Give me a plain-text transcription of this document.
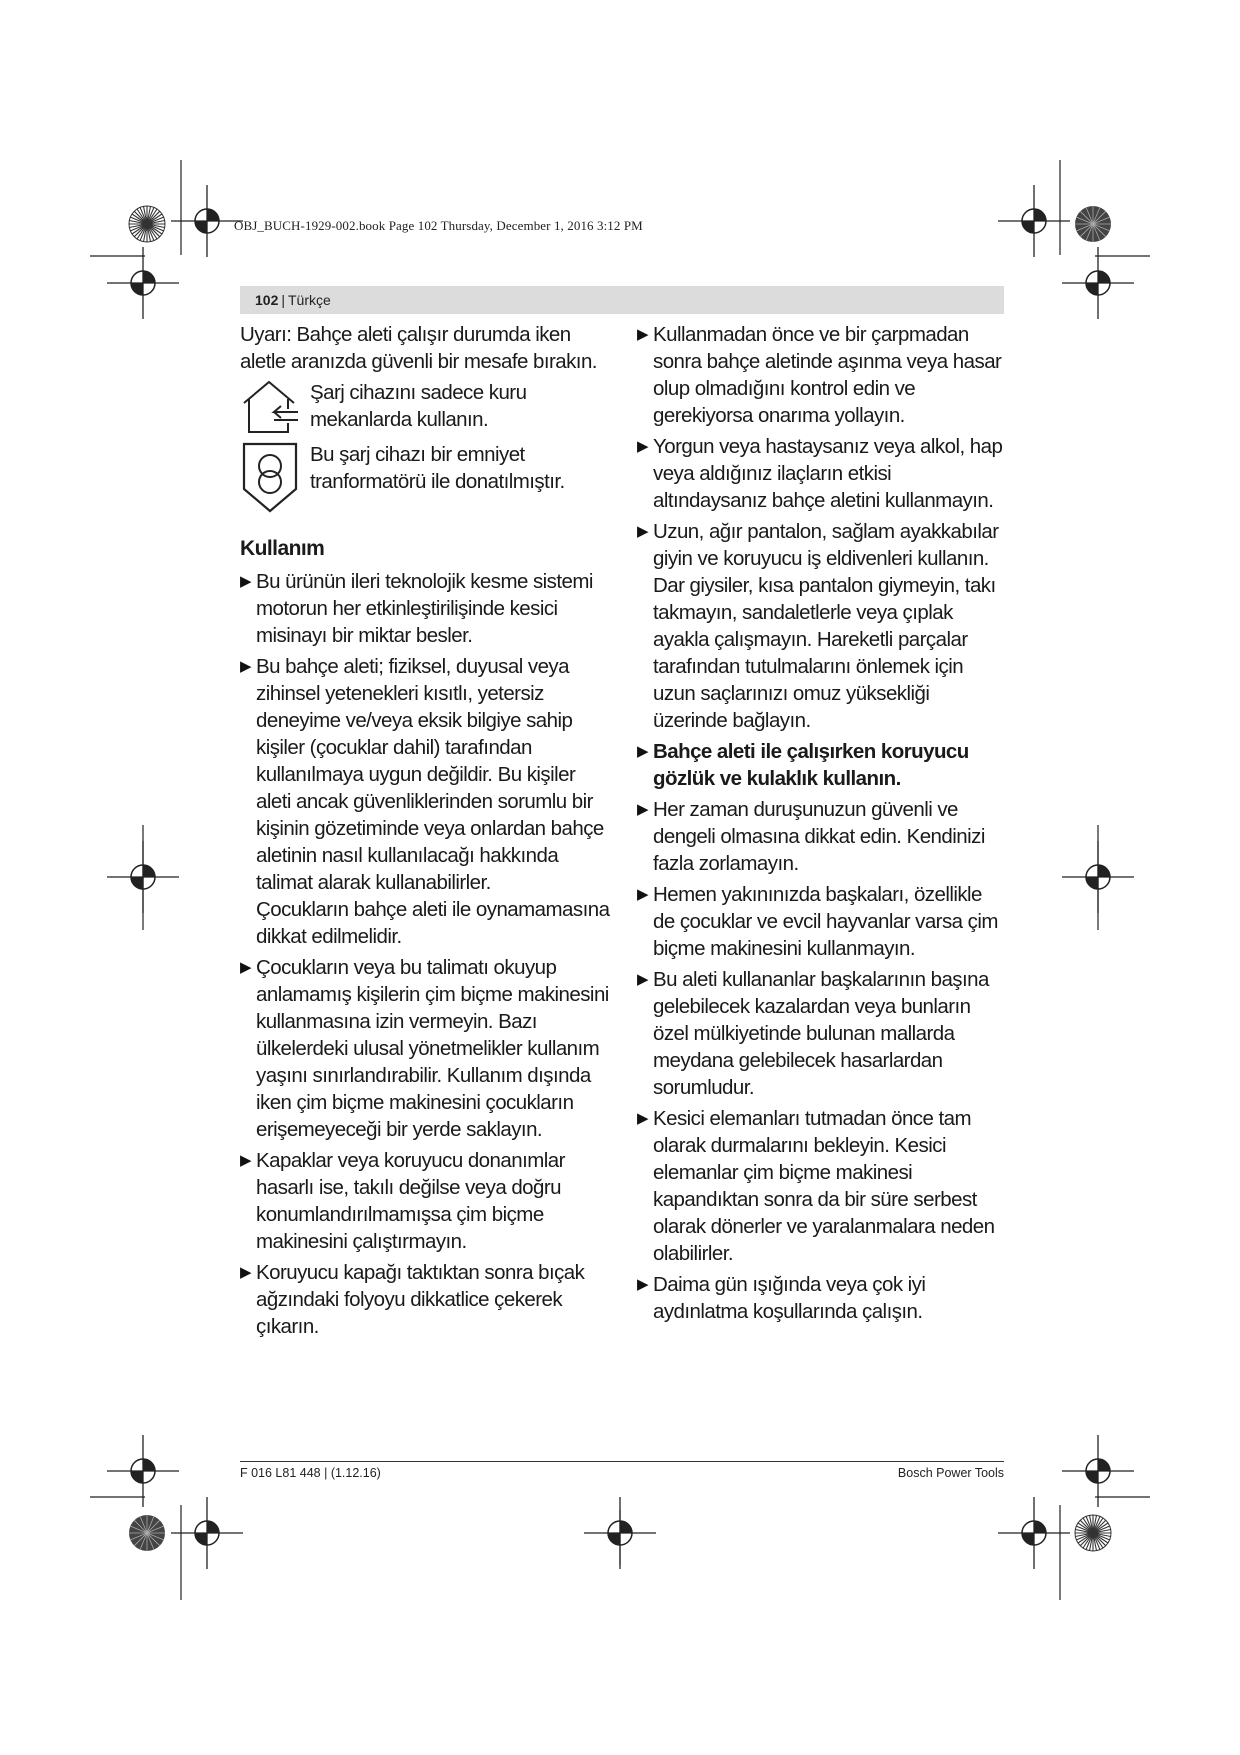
OBJ_BUCH-1929-002.book Page 102 Thursday, December 1, 2016 3:12 PM
102 | Türkçe

Uyarı: Bahçe aleti çalışır durumda iken aletle aranızda güvenli bir mesafe bırakın.

Şarj cihazını sadece kuru mekanlarda kullanın.

Bu şarj cihazı bir emniyet tranformatörü ile donatılmıştır.

Kullanım

▶ Bu ürünün ileri teknolojik kesme sistemi motorun her etkinleştirilişinde kesici misinayı bir miktar besler.
▶ Bu bahçe aleti; fiziksel, duyusal veya zihinsel yetenekleri kısıtlı, yetersiz deneyime ve/veya eksik bilgiye sahip kişiler (çocuklar dahil) tarafından kullanılmaya uygun değildir. Bu kişiler aleti ancak güvenliklerinden sorumlu bir kişinin gözetiminde veya onlardan bahçe aletinin nasıl kullanılacağı hakkında talimat alarak kullanabilirler.
Çocukların bahçe aleti ile oynamamasına dikkat edilmelidir.
▶ Çocukların veya bu talimatı okuyup anlamamış kişilerin çim biçme makinesini kullanmasına izin vermeyin. Bazı ülkelerdeki ulusal yönetmelikler kullanım yaşını sınırlandırabilir. Kullanım dışında iken çim biçme makinesini çocukların erişemeyeceği bir yerde saklayın.
▶ Kapaklar veya koruyucu donanımlar hasarlı ise, takılı değilse veya doğru konumlandırılmamışsa çim biçme makinesini çalıştırmayın.
▶ Koruyucu kapağı taktıktan sonra bıçak ağzındaki folyoyu dikkatlice çekerek çıkarın.
▶ Kullanmadan önce ve bir çarpmadan sonra bahçe aletinde aşınma veya hasar olup olmadığını kontrol edin ve gerekiyorsa onarıma yollayın.
▶ Yorgun veya hastaysanız veya alkol, hap veya aldığınız ilaçların etkisi altındaysanız bahçe aletini kullanmayın.
▶ Uzun, ağır pantalon, sağlam ayakkabılar giyin ve koruyucu iş eldivenleri kullanın. Dar giysiler, kısa pantalon giymeyin, takı takmayın, sandaletlerle veya çıplak ayakla çalışmayın. Hareketli parçalar tarafından tutulmalarını önlemek için uzun saçlarınızı omuz yüksekliği üzerinde bağlayın.
▶ Bahçe aleti ile çalışırken koruyucu gözlük ve kulaklık kullanın.
▶ Her zaman duruşunuzun güvenli ve dengeli olmasına dikkat edin. Kendinizi fazla zorlamayın.
▶ Hemen yakınınızda başkaları, özellikle de çocuklar ve evcil hayvanlar varsa çim biçme makinesini kullanmayın.
▶ Bu aleti kullananlar başkalarının başına gelebilecek kazalardan veya bunların özel mülkiyetinde bulunan mallarda meydana gelebilecek hasarlardan sorumludur.
▶ Kesici elemanları tutmadan önce tam olarak durmalarını bekleyin. Kesici elemanlar çim biçme makinesi kapandıktan sonra da bir süre serbest olarak dönerler ve yaralanmalara neden olabilirler.
▶ Daima gün ışığında veya çok iyi aydınlatma koşullarında çalışın.
F 016 L81 448 | (1.12.16)	Bosch Power Tools
